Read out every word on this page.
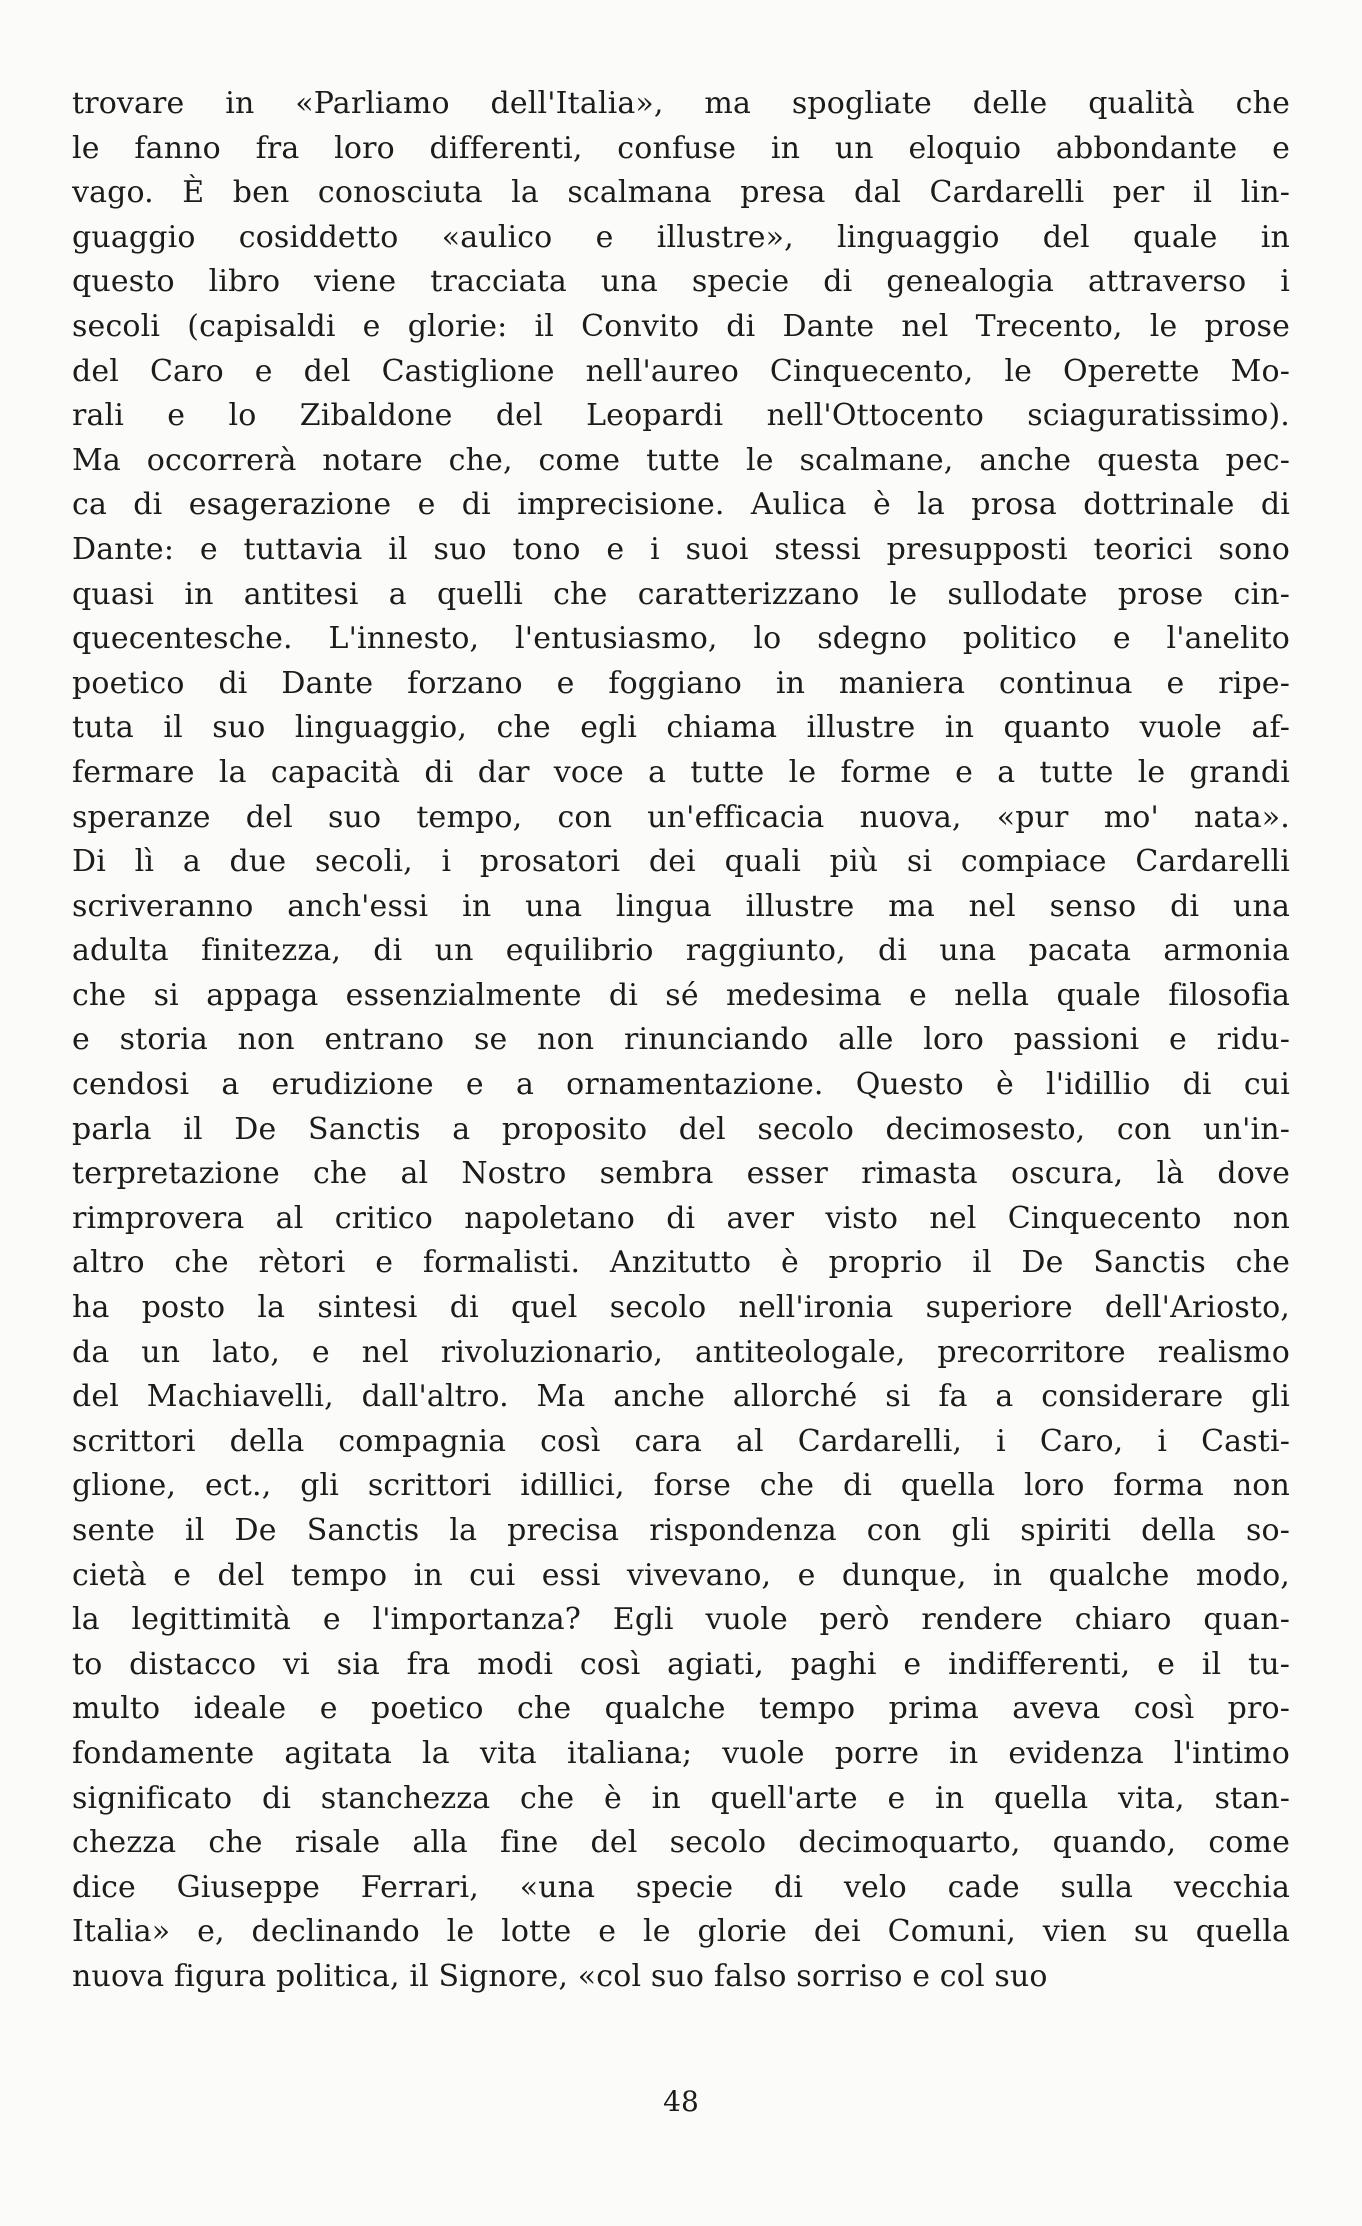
trovare in «Parliamo dell'Italia», ma spogliate delle qualità che
le fanno fra loro differenti, confuse in un eloquio abbondante e
vago. È ben conosciuta la scalmana presa dal Cardarelli per il lin-
guaggio cosiddetto «aulico e illustre», linguaggio del quale in
questo libro viene tracciata una specie di genealogia attraverso i
secoli (capisaldi e glorie: il Convito di Dante nel Trecento, le prose
del Caro e del Castiglione nell'aureo Cinquecento, le Operette Mo-
rali e lo Zibaldone del Leopardi nell'Ottocento sciaguratissimo).
Ma occorrerà notare che, come tutte le scalmane, anche questa pec-
ca di esagerazione e di imprecisione. Aulica è la prosa dottrinale di
Dante: e tuttavia il suo tono e i suoi stessi presupposti teorici sono
quasi in antitesi a quelli che caratterizzano le sullodate prose cin-
quecentesche. L'innesto, l'entusiasmo, lo sdegno politico e l'anelito
poetico di Dante forzano e foggiano in maniera continua e ripe-
tuta il suo linguaggio, che egli chiama illustre in quanto vuole af-
fermare la capacità di dar voce a tutte le forme e a tutte le grandi
speranze del suo tempo, con un'efficacia nuova, «pur mo' nata».
Di lì a due secoli, i prosatori dei quali più si compiace Cardarelli
scriveranno anch'essi in una lingua illustre ma nel senso di una
adulta finitezza, di un equilibrio raggiunto, di una pacata armonia
che si appaga essenzialmente di sé medesima e nella quale filosofia
e storia non entrano se non rinunciando alle loro passioni e ridu-
cendosi a erudizione e a ornamentazione. Questo è l'idillio di cui
parla il De Sanctis a proposito del secolo decimosesto, con un'in-
terpretazione che al Nostro sembra esser rimasta oscura, là dove
rimprovera al critico napoletano di aver visto nel Cinquecento non
altro che rètori e formalisti. Anzitutto è proprio il De Sanctis che
ha posto la sintesi di quel secolo nell'ironia superiore dell'Ariosto,
da un lato, e nel rivoluzionario, antiteologale, precorritore realismo
del Machiavelli, dall'altro. Ma anche allorché si fa a considerare gli
scrittori della compagnia così cara al Cardarelli, i Caro, i Casti-
glione, ect., gli scrittori idillici, forse che di quella loro forma non
sente il De Sanctis la precisa rispondenza con gli spiriti della so-
cietà e del tempo in cui essi vivevano, e dunque, in qualche modo,
la legittimità e l'importanza? Egli vuole però rendere chiaro quan-
to distacco vi sia fra modi così agiati, paghi e indifferenti, e il tu-
multo ideale e poetico che qualche tempo prima aveva così pro-
fondamente agitata la vita italiana; vuole porre in evidenza l'intimo
significato di stanchezza che è in quell'arte e in quella vita, stan-
chezza che risale alla fine del secolo decimoquarto, quando, come
dice Giuseppe Ferrari, «una specie di velo cade sulla vecchia
Italia» e, declinando le lotte e le glorie dei Comuni, vien su quella
nuova figura politica, il Signore, «col suo falso sorriso e col suo
48
